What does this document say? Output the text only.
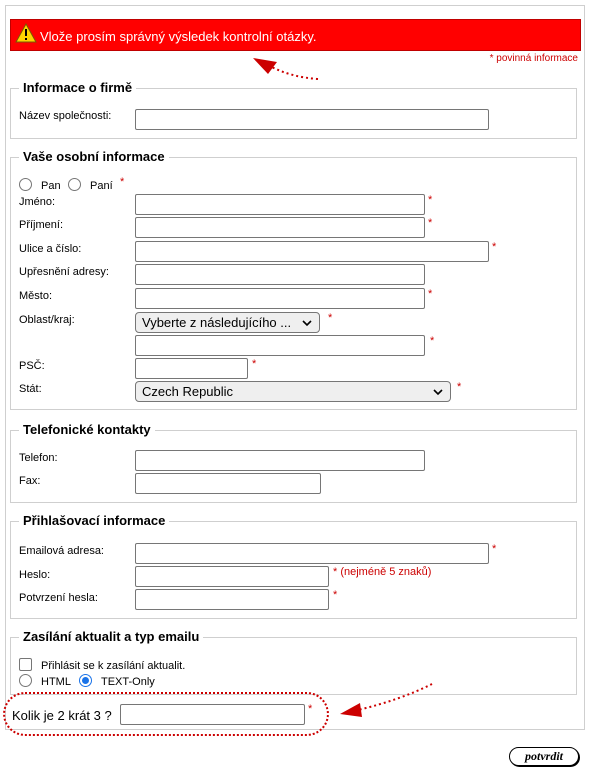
Vlože prosím správný výsledek kontrolní otázky.
* povinná informace
Informace o firmě
Název společnosti:
Vaše osobní informace
Pan	Paní *
Jméno:	*
Příjmení:	*
Ulice a číslo:	*
Upřesnění adresy:
Město:	*
Oblast/kraj:	Vyberte z následujícího ...	*
*
PSČ:	*
Stát:	Czech Republic	*
Telefonické kontakty
Telefon:
Fax:
Přihlašovací informace
Emailová adresa:	*
Heslo:	* (nejméně 5 znaků)
Potvrzení hesla:	*
Zasílání aktualit a typ emailu
Přihlásit se k zasílání aktualit.
HTML	TEXT-Only
Kolik je 2 krát 3 ?	*
potvrdit
